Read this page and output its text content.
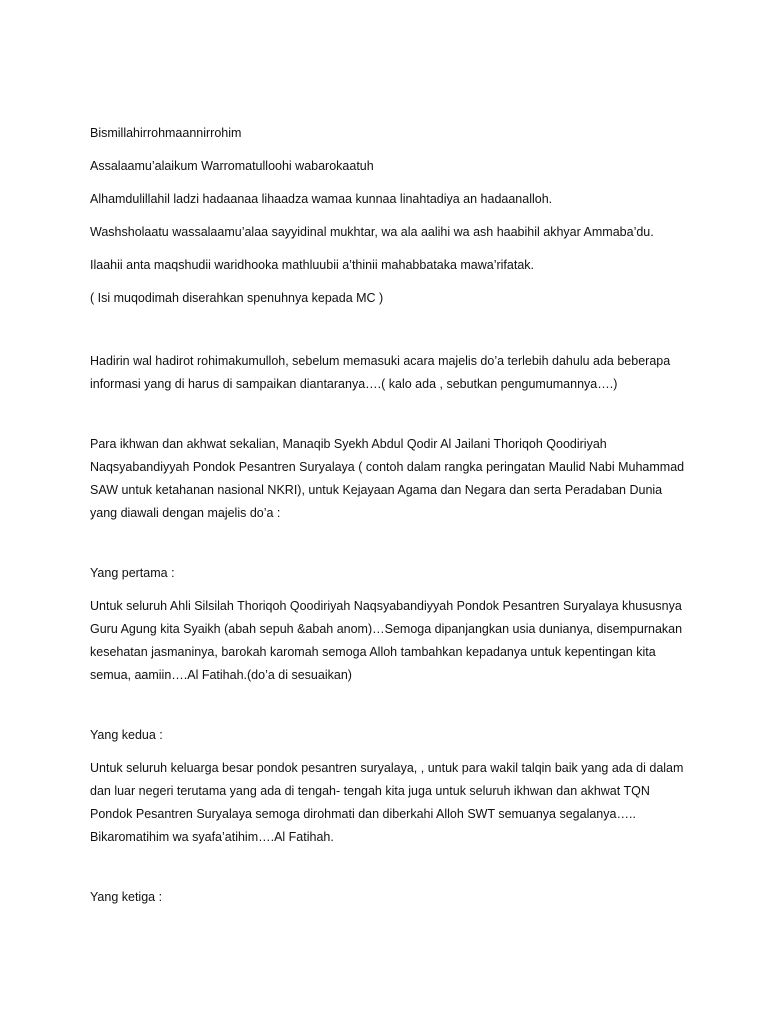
Bismillahirrohmaannirrohim

Assalaamu’alaikum Warromatulloohi wabarokaatuh

Alhamdulillahil ladzi hadaanaa lihaadza wamaa kunnaa linahtadiya an hadaanalloh.

Washsholaatu wassalaamu’alaa sayyidinal mukhtar, wa ala aalihi wa ash haabihil akhyar Ammaba’du.

Ilaahii anta maqshudii waridhooka mathluubii a’thinii mahabbataka mawa’rifatak.

( Isi muqodimah diserahkan spenuhnya kepada MC )

Hadirin wal hadirot rohimakumulloh, sebelum memasuki acara majelis do’a terlebih dahulu ada beberapa informasi yang di harus di sampaikan diantaranya….( kalo ada , sebutkan pengumumannya….)

Para ikhwan dan akhwat sekalian, Manaqib Syekh Abdul Qodir Al Jailani Thoriqoh Qoodiriyah Naqsyabandiyyah Pondok Pesantren Suryalaya ( contoh dalam rangka peringatan Maulid Nabi Muhammad SAW untuk ketahanan nasional NKRI), untuk Kejayaan Agama dan Negara dan serta Peradaban Dunia yang diawali dengan majelis do’a :

Yang pertama :

Untuk seluruh Ahli Silsilah Thoriqoh Qoodiriyah Naqsyabandiyyah Pondok Pesantren Suryalaya khususnya Guru Agung kita Syaikh (abah sepuh &abah anom)…Semoga dipanjangkan usia dunianya, disempurnakan kesehatan jasmaninya, barokah karomah semoga Alloh tambahkan kepadanya untuk kepentingan kita semua, aamiin….Al Fatihah.(do’a di sesuaikan)

Yang kedua :

Untuk seluruh keluarga besar pondok pesantren suryalaya, , untuk para wakil talqin baik yang ada di dalam dan luar negeri terutama yang ada di tengah- tengah kita juga untuk seluruh ikhwan dan akhwat TQN Pondok Pesantren Suryalaya semoga dirohmati dan diberkahi Alloh SWT semuanya segalanya….. Bikaromatihim wa syafa’atihim….Al Fatihah.

Yang ketiga :
